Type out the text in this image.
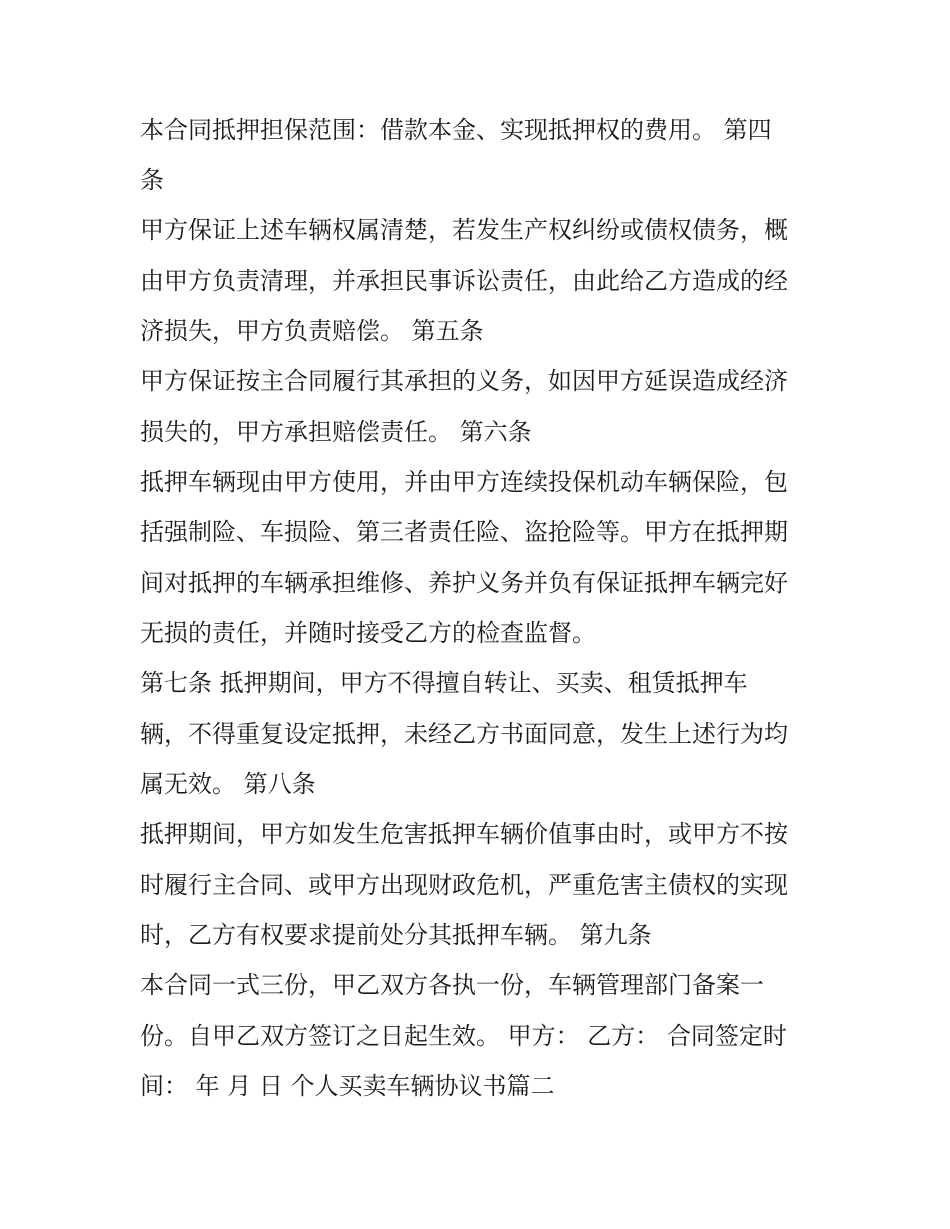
本合同抵押担保范围：借款本金、实现抵押权的费用。 第四

条

甲方保证上述车辆权属清楚，若发生产权纠纷或债权债务，概

由甲方负责清理，并承担民事诉讼责任，由此给乙方造成的经

济损失，甲方负责赔偿。 第五条

甲方保证按主合同履行其承担的义务，如因甲方延误造成经济

损失的，甲方承担赔偿责任。 第六条

抵押车辆现由甲方使用，并由甲方连续投保机动车辆保险，包

括强制险、车损险、第三者责任险、盗抢险等。甲方在抵押期

间对抵押的车辆承担维修、养护义务并负有保证抵押车辆完好

无损的责任，并随时接受乙方的检查监督。

第七条 抵押期间，甲方不得擅自转让、买卖、租赁抵押车

辆，不得重复设定抵押，未经乙方书面同意，发生上述行为均

属无效。 第八条

抵押期间，甲方如发生危害抵押车辆价值事由时，或甲方不按

时履行主合同、或甲方出现财政危机，严重危害主债权的实现

时，乙方有权要求提前处分其抵押车辆。 第九条

本合同一式三份，甲乙双方各执一份，车辆管理部门备案一

份。自甲乙双方签订之日起生效。 甲方： 乙方： 合同签定时

间： 年 月 日 个人买卖车辆协议书篇二
